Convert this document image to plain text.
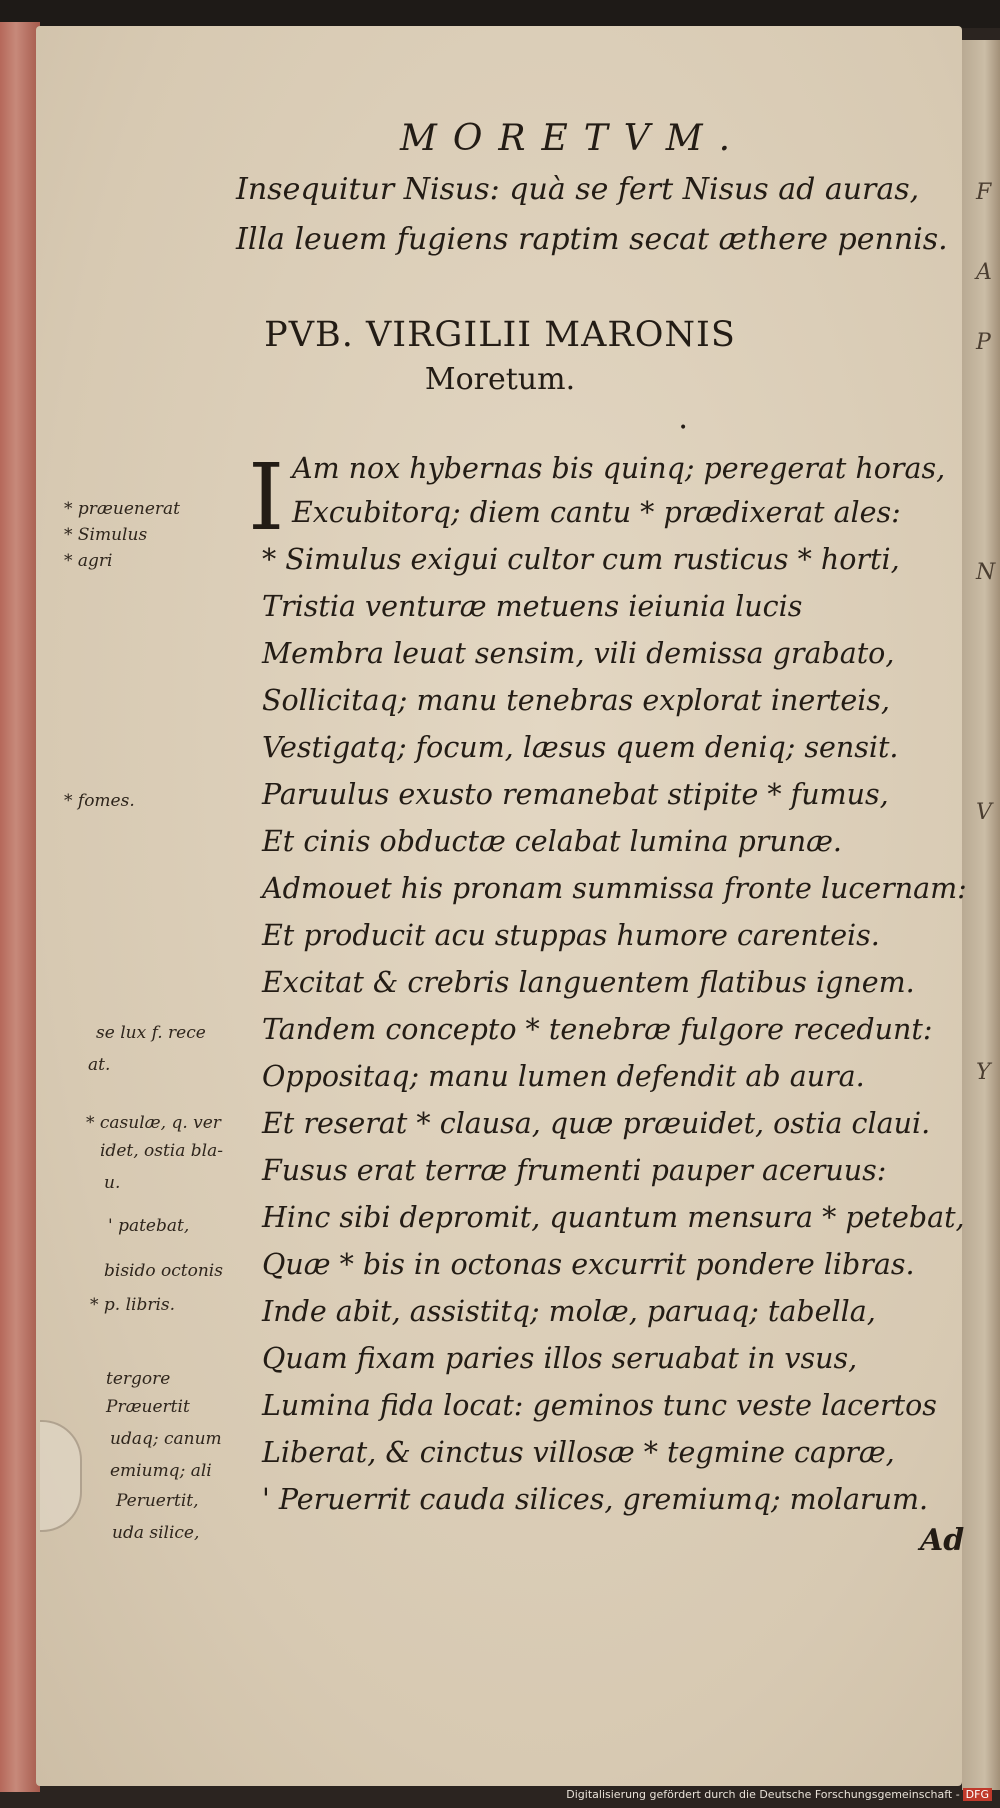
F
A
P
N
V
Y
MORETVM.
Insequitur Nisus: quà se fert Nisus ad auras,
Illa leuem fugiens raptim secat æthere pennis.
PVB. VIRGILII MARONIS
Moretum.
•
I Am nox hybernas bis quinq; peregerat horas,
Excubitorq; diem cantu * prædixerat ales:
* Simulus exigui cultor cum rusticus * horti,
Tristia venturæ metuens ieiunia lucis
Membra leuat sensim, vili demissa grabato,
Sollicitaq; manu tenebras explorat inerteis,
Vestigatq; focum, læsus quem deniq; sensit.
Paruulus exusto remanebat stipite * fumus,
Et cinis obductæ celabat lumina prunæ.
Admouet his pronam summissa fronte lucernam:
Et producit acu stuppas humore carenteis.
Excitat & crebris languentem flatibus ignem.
Tandem concepto * tenebræ fulgore recedunt:
Oppositaq; manu lumen defendit ab aura.
Et reserat * clausa, quæ præuidet, ostia claui.
Fusus erat terræ frumenti pauper aceruus:
Hinc sibi depromit, quantum mensura * petebat,
Quæ * bis in octonas excurrit pondere libras.
Inde abit, assistitq; molæ, paruaq; tabella,
Quam fixam paries illos seruabat in vsus,
Lumina fida locat: geminos tunc veste lacertos
Liberat, & cinctus villosæ * tegmine capræ,
' Peruerrit cauda silices, gremiumq; molarum.
* præuenerat
* Simulus
* agri
* fomes.
se lux f. rece
at.
* casulæ, q. ver
idet, ostia bla-
u.
' patebat,
bisido octonis
* p. libris.
tergore
Præuertit
udaq; canum
emiumq; ali
Peruertit,
uda silice,	Ad
Digitalisierung gefördert durch die Deutsche Forschungsgemeinschaft - DFG
